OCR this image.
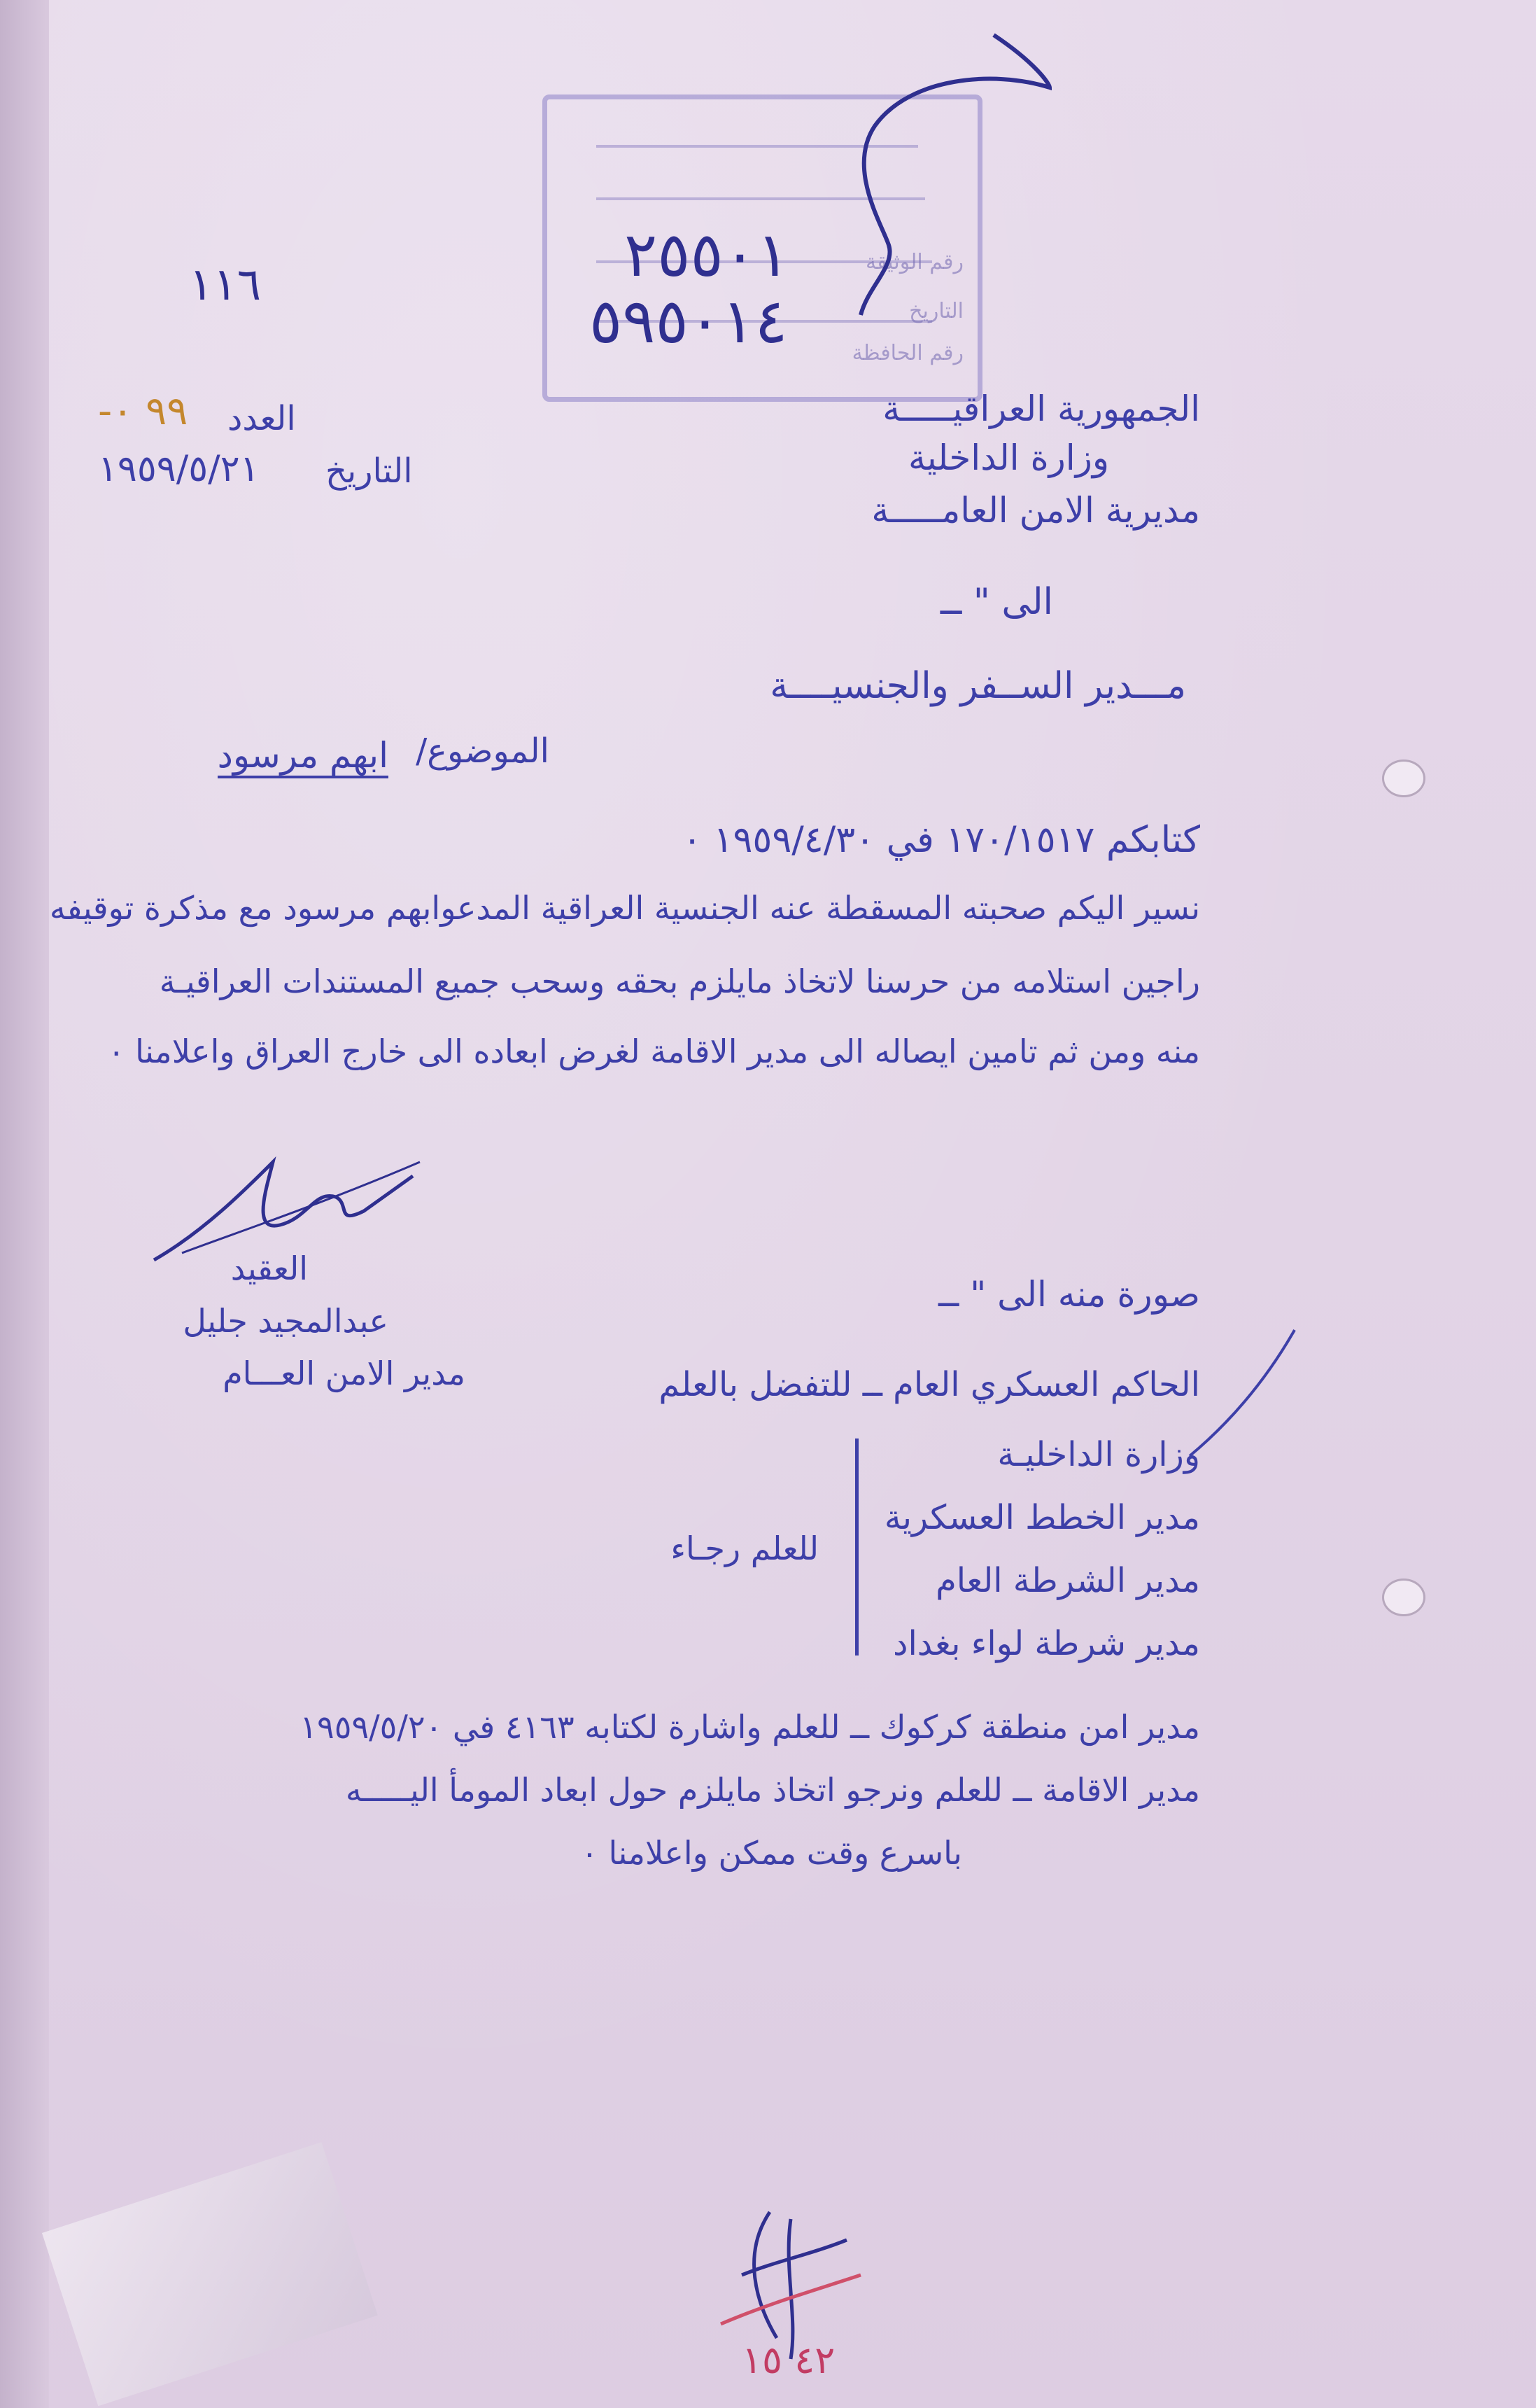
رقم الوثيقة
التاريخ
رقم الحافظة
٢٥٥٠١
٥٩٥٠١٤
١١٦
العدد
٩٩ ٠-
التاريخ
١٩٥٩/٥/٢١
الجمهورية العراقيـــــة
وزارة الداخلية
مديرية الامن العامـــــة
الى " ــ
مـــدير الســفر والجنسيــــة
الموضوع/
ابهم مرسود
كتابكم ١٧٠/١٥١٧ في ١٩٥٩/٤/٣٠ ٠
نسير اليكم صحبته المسقطة عنه الجنسية العراقية المدعوابهم مرسود مع مذكرة توقيفه
راجين استلامه من حرسنا لاتخاذ مايلزم بحقه وسحب جميع المستندات العراقيـة
منه ومن ثم تامين ايصاله الى مدير الاقامة لغرض ابعاده الى خارج العراق واعلامنا ٠
العقيد
عبدالمجيد جليل
مدير الامن العـــام
صورة منه الى " ــ
الحاكم العسكري العام ــ للتفضل بالعلم
وزارة الداخليـة
مدير الخطط العسكرية
مدير الشرطة العام
مدير شرطة لواء بغداد
للعلم رجـاء
مدير امن منطقة كركوك ــ للعلم واشارة لكتابه ٤١٦٣ في ١٩٥٩/٥/٢٠
مدير الاقامة ــ للعلم ونرجو اتخاذ مايلزم حول ابعاد المومأ اليـــــه
باسرع وقت ممكن واعلامنا ٠
٤٢ ١٥
